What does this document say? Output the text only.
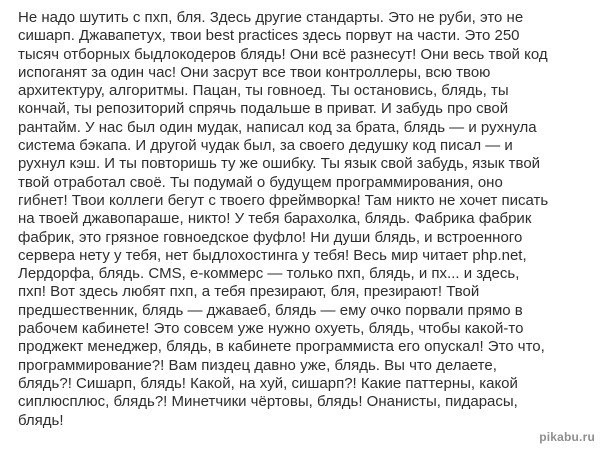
Не надо шутить с пхп, бля. Здесь другие стандарты. Это не руби, это не
сишарп. Джавапетух, твои best practices здесь порвут на части. Это 250
тысяч отборных быдлокодеров блядь! Они всё разнесут! Они весь твой код
испоганят за один час! Они засрут все твои контроллеры, всю твою
архитектуру, алгоритмы. Пацан, ты говноед. Ты остановись, блядь, ты
кончай, ты репозиторий спрячь подальше в приват. И забудь про свой
рантайм. У нас был один мудак, написал код за брата, блядь — и рухнула
система бэкапа. И другой чудак был, за своего дедушку код писал — и
рухнул кэш. И ты повторишь ту же ошибку. Ты язык свой забудь, язык твой
твой отработал своё. Ты подумай о будущем программирования, оно
гибнет! Твои коллеги бегут с твоего фреймворка! Там никто не хочет писать
на твоей джавопараше, никто! У тебя барахолка, блядь. Фабрика фабрик
фабрик, это грязное говноедское фуфло! Ни души блядь, и встроенного
сервера нету у тебя, нет быдлохостинга у тебя! Весь мир читает php.net,
Лердорфа, блядь. CMS, е-коммерс — только пхп, блядь, и пх... и здесь,
пхп! Вот здесь любят пхп, а тебя презирают, бля, презирают! Твой
предшественник, блядь — джаваеб, блядь — ему очко порвали прямо в
рабочем кабинете! Это совсем уже нужно охуеть, блядь, чтобы какой-то
проджект менеджер, блядь, в кабинете программиста его опускал! Это что,
программирование?! Вам пиздец давно уже, блядь. Вы что делаете,
блядь?! Сишарп, блядь! Какой, на хуй, сишарп?! Какие паттерны, какой
сиплюсплюс, блядь?! Минетчики чёртовы, блядь! Онанисты, пидарасы,
блядь!
pikabu.ru
